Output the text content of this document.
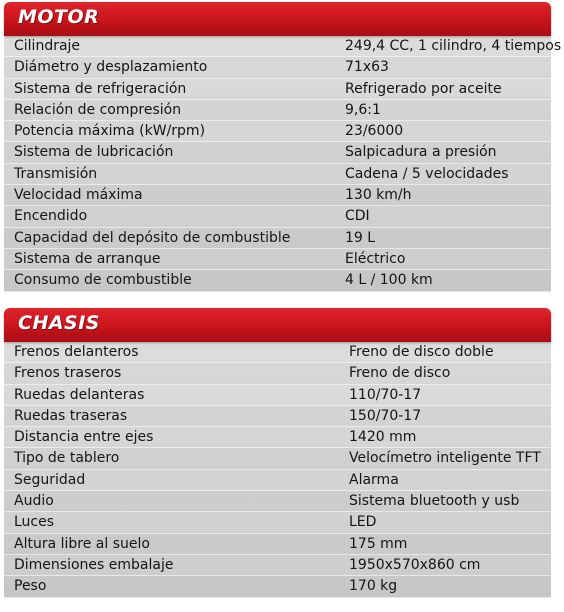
MOTOR
Cilindraje	249,4 CC, 1 cilindro, 4 tiempos
Diámetro y desplazamiento	71x63
Sistema de refrigeración	Refrigerado por aceite
Relación de compresión	9,6:1
Potencia máxima (kW/rpm)	23/6000
Sistema de lubricación	Salpicadura a presión
Transmisión	Cadena / 5 velocidades
Velocidad máxima	130 km/h
Encendido	CDI
Capacidad del depósito de combustible	19 L
Sistema de arranque	Eléctrico
Consumo de combustible	4 L / 100 km
CHASIS
Frenos delanteros	Freno de disco doble
Frenos traseros	Freno de disco
Ruedas delanteras	110/70-17
Ruedas traseras	150/70-17
Distancia entre ejes	1420 mm
Tipo de tablero	Velocímetro inteligente TFT
Seguridad	Alarma
Audio	Sistema bluetooth y usb
Luces	LED
Altura libre al suelo	175 mm
Dimensiones embalaje	1950x570x860 cm
Peso	170 kg
